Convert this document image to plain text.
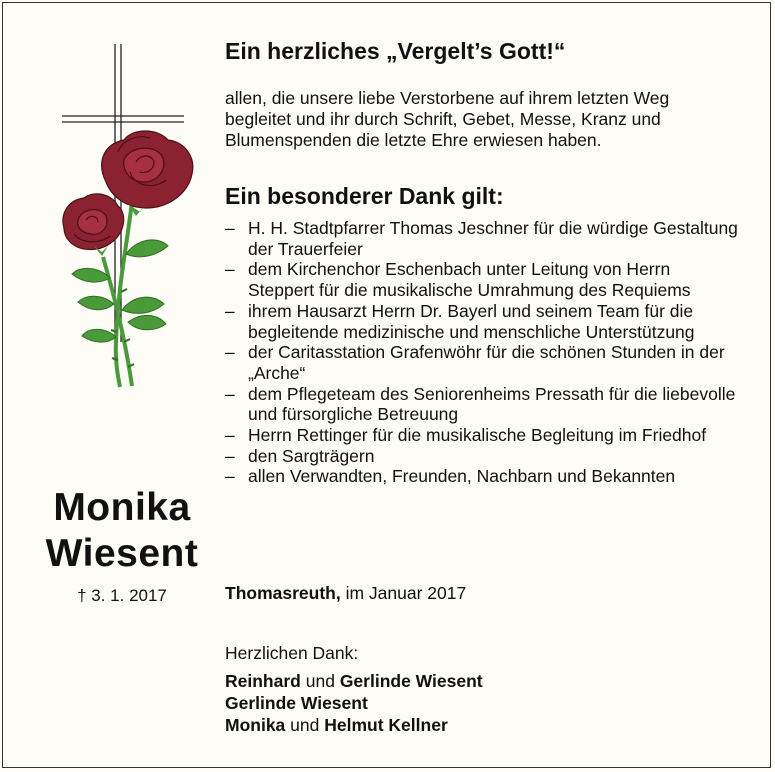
Monika
Wiesent
† 3. 1. 2017
Ein herzliches „Vergelt’s Gott!“
allen, die unsere liebe Verstorbene auf ihrem letzten Weg begleitet und ihr durch Schrift, Gebet, Messe, Kranz und Blumenspenden die letzte Ehre erwiesen haben.
Ein besonderer Dank gilt:
– H. H. Stadtpfarrer Thomas Jeschner für die würdige Gestaltung der Trauerfeier
– dem Kirchenchor Eschenbach unter Leitung von Herrn Steppert für die musikalische Umrahmung des Requiems
– ihrem Hausarzt Herrn Dr. Bayerl und seinem Team für die begleitende medizinische und menschliche Unterstützung
– der Caritasstation Grafenwöhr für die schönen Stunden in der „Arche“
– dem Pflegeteam des Seniorenheims Pressath für die liebevolle und fürsorgliche Betreuung
– Herrn Rettinger für die musikalische Begleitung im Friedhof
– den Sargträgern
– allen Verwandten, Freunden, Nachbarn und Bekannten
Thomasreuth, im Januar 2017
Herzlichen Dank:
Reinhard und Gerlinde Wiesent
Gerlinde Wiesent
Monika und Helmut Kellner
